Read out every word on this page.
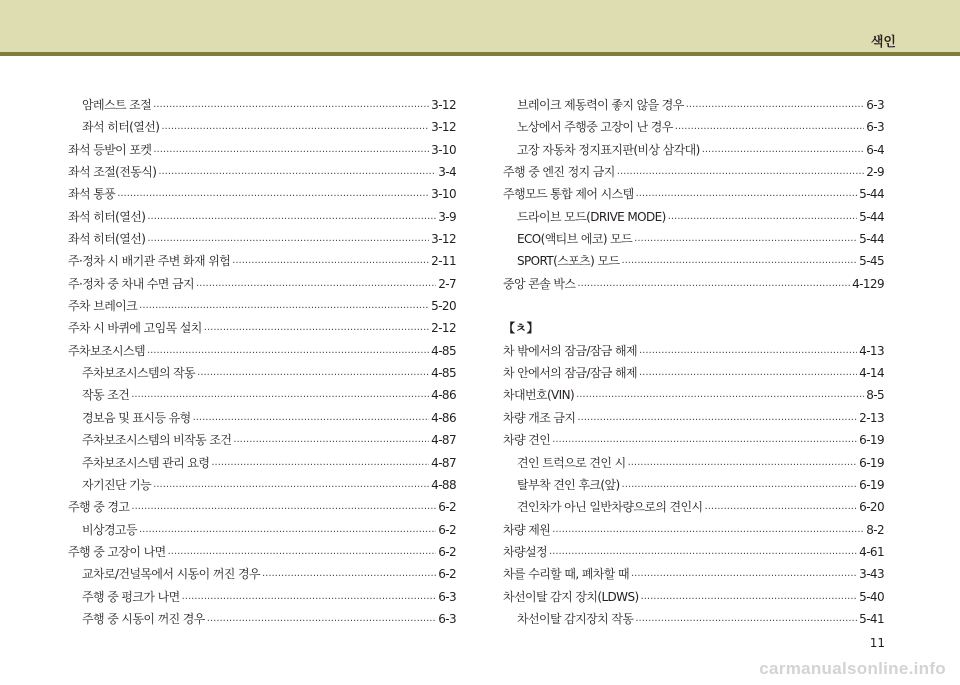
색인
암레스트 조절 .....	3-12
좌석 히터(열선) .....	3-12
좌석 등받이 포켓 .....	3-10
좌석 조절(전동식) .....	3-4
좌석 통풍 .....	3-10
좌석 히터(열선) .....	3-9
좌석 히터(열선) .....	3-12
주·정차 시 배기관 주변 화재 위험 .....	2-11
주·정차 중 차내 수면 금지 .....	2-7
주차 브레이크 .....	5-20
주차 시 바퀴에 고임목 설치 .....	2-12
주차보조시스템 .....	4-85
주차보조시스템의 작동 .....	4-85
작동 조건 .....	4-86
경보음 및 표시등 유형 .....	4-86
주차보조시스템의 비작동 조건 .....	4-87
주차보조시스템 관리 요령 .....	4-87
자기진단 기능 .....	4-88
주행 중 경고 .....	6-2
비상경고등 .....	6-2
주행 중 고장이 나면 .....	6-2
교차로/건널목에서 시동이 꺼진 경우 .....	6-2
주행 중 펑크가 나면 .....	6-3
주행 중 시동이 꺼진 경우 .....	6-3
브레이크 제동력이 좋지 않을 경우 .....	6-3
노상에서 주행중 고장이 난 경우 .....	6-3
고장 자동차 정지표지판(비상 삼각대) .....	6-4
주행 중 엔진 정지 금지 .....	2-9
주행모드 통합 제어 시스템 .....	5-44
드라이브 모드(DRIVE MODE) .....	5-44
ECO(액티브 에코) 모드 .....	5-44
SPORT(스포츠) 모드 .....	5-45
중앙 콘솔 박스 .....	4-129
【ㅊ】
차 밖에서의 잠금/잠금 해제 .....	4-13
차 안에서의 잠금/잠금 해제 .....	4-14
차대번호(VIN) .....	8-5
차량 개조 금지 .....	2-13
차량 견인 .....	6-19
견인 트럭으로 견인 시 .....	6-19
탈부착 견인 후크(앞) .....	6-19
견인차가 아닌 일반차량으로의 견인시 .....	6-20
차량 제원 .....	8-2
차량설정 .....	4-61
차를 수리할 때, 폐차할 때 .....	3-43
차선이탈 감지 장치(LDWS) .....	5-40
차선이탈 감지장치 작동 .....	5-41
11
carmanualsonline.info
